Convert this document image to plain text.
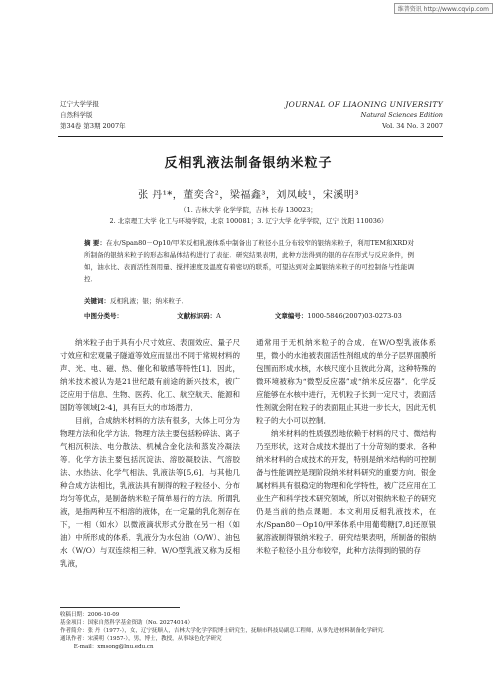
维普资讯 http://www.cqvip.com
辽宁大学学报
自然科学版
第34卷 第3期 2007年
JOURNAL OF LIAONING UNIVERSITY
Natural Sciences Edition
Vol. 34 No. 3 2007
反相乳液法制备银纳米粒子
张 丹¹*，董奕含²，梁福鑫³，刘凤岐¹，宋溪明³
（1. 吉林大学 化学学院，吉林 长春 130023；
2. 北京理工大学 化工与环境学院，北京 100081；3. 辽宁大学 化学学院，辽宁 沈阳 110036）
摘 要：在水/Span80－Op10/甲苯反相乳液体系中制备出了粒径小且分布较窄的银纳米粒子，利用TEM和XRD对所制备的银纳米粒子的形态和晶体结构进行了表征．研究结果表明，此种方法得到的银的存在形式与反应条件，例如，油水比、表面活性剂用量、搅拌速度及温度有着密切的联系，可望达到对金属银纳米粒子的可控制备与性能调控．
关键词：反相乳液；银；纳米粒子．
中图分类号：	文献标识码：A	文章编号：1000-5846(2007)03-0273-03

纳米粒子由于具有小尺寸效应、表面效应、量子尺寸效应和宏观量子隧道等效应而显出不同于常规材料的声、光、电、磁、热、催化和敏感等特性[1]．因此，纳米技术被认为是21世纪最有前途的新兴技术，被广泛应用于信息、生物、医药、化工、航空航天、能源和国防等领域[2-4]，具有巨大的市场潜力．

目前，合成纳米材料的方法有很多，大体上可分为物理方法和化学方法．物理方法主要包括粉碎法、离子气相沉积法、电分散法、机械合金化法和蒸发冷凝法等．化学方法主要包括沉淀法、溶胶凝胶法、气溶胶法、水热法、化学气相法、乳液法等[5,6]．与其他几种合成方法相比，乳液法具有制得的粒子粒径小、分布均匀等优点，是制备纳米粒子简单易行的方法．所谓乳液，是指两种互不相溶的液体，在一定量的乳化剂存在下，一相（如水）以微液滴状形式分散在另一相（如油）中所形成的体系．乳液分为水包油（O/W）、油包水（W/O）与双连续相三种．W/O型乳液又称为反相乳液，

通常用于无机纳米粒子的合成．在W/O型乳液体系里，微小的水池被表面活性剂组成的单分子层界面膜所包围而形成水核，水核尺度小且彼此分离，这种特殊的微环境被称为“微型反应器”或“纳米反应器”．化学反应能够在水核中进行，无机粒子长到一定尺寸，表面活性剂就会附在粒子的表面阻止其进一步长大，因此无机粒子的大小可以控制．

纳米材料的性质强烈地依赖于材料的尺寸、微结构乃至形状，这对合成技术提出了十分苛刻的要求．各种纳米材料的合成技术的开发，特别是纳米结构的可控制备与性能调控是现阶段纳米材料研究的重要方向．银金属材料具有很稳定的物理和化学特性，被广泛应用在工业生产和科学技术研究领域，所以对银纳米粒子的研究仍是当前的热点课题．本文利用反相乳液技术，在水/Span80－Op10/甲苯体系中用葡萄糖[7,8]还原银氨溶液制得银纳米粒子．研究结果表明，所制备的银纳米粒子粒径小且分布较窄，此种方法得到的银的存

收稿日期：2006-10-09
基金项目：国家自然科学基金资助（No. 20274014）
作者简介：张 丹（1977-），女，辽宁抚顺人，吉林大学化学学院博士研究生，抚顺市科技局副总工程师，从事先进材料制备化学研究．
通讯作者：宋溪明（1957-），男，博士，教授，从事绿色化学研究
E-mail：xmsong@lnu.edu.cn
